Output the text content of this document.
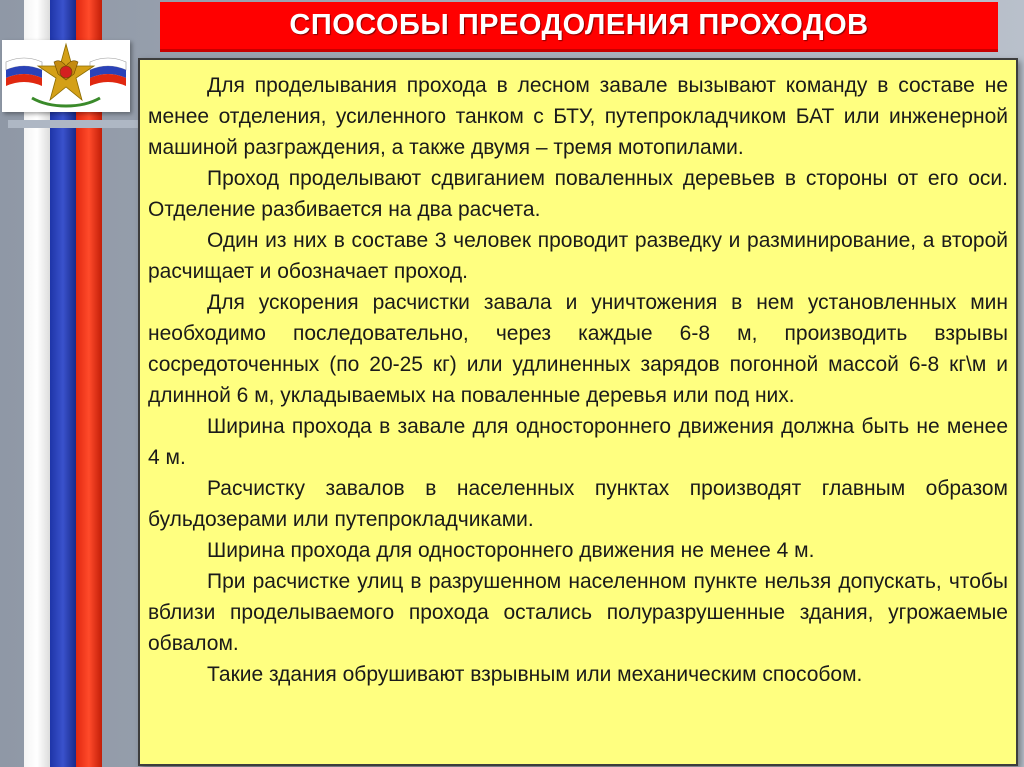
СПОСОБЫ ПРЕОДОЛЕНИЯ ПРОХОДОВ

Для проделывания прохода в лесном завале вызывают команду в составе не менее отделения, усиленного танком с БТУ, путепрокладчиком БАТ или инженерной машиной разграждения, а также двумя – тремя мотопилами.

Проход проделывают сдвиганием поваленных деревьев в стороны от его оси. Отделение разбивается на два расчета.

Один из них в составе 3 человек проводит разведку и разминирование, а второй расчищает и обозначает проход.

Для ускорения расчистки завала и уничтожения в нем установленных мин необходимо последовательно, через каждые 6-8 м, производить взрывы сосредоточенных (по 20-25 кг) или удлиненных зарядов погонной массой 6-8 кг\м и длинной 6 м, укладываемых на поваленные деревья или под них.

Ширина прохода в завале для одностороннего движения должна быть не менее 4 м.

Расчистку завалов в населенных пунктах производят главным образом бульдозерами или путепрокладчиками.

Ширина прохода для одностороннего движения не менее 4 м.

При расчистке улиц в разрушенном населенном пункте нельзя допускать, чтобы вблизи проделываемого прохода остались полуразрушенные здания, угрожаемые обвалом.

Такие здания обрушивают взрывным или механическим способом.
